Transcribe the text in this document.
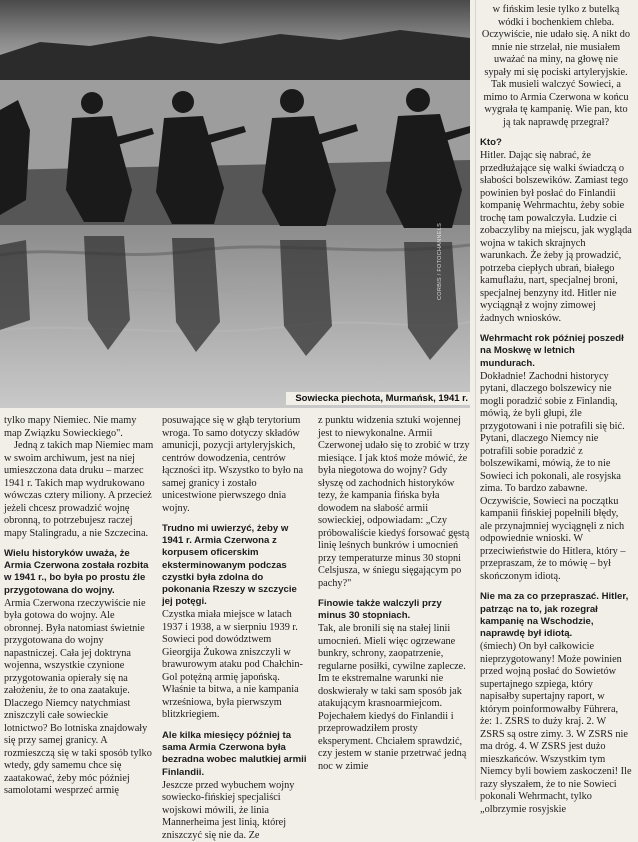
CORBIS / FOTOCHANNELS
Sowiecka piechota, Murmańsk, 1941 r.

tylko mapy Niemiec. Nie mamy map Związku Sowieckiego".

Jedną z takich map Niemiec mam w swoim archiwum, jest na niej umieszczona data druku – marzec 1941 r. Takich map wydrukowano wówczas cztery miliony. A przecież jeżeli chcesz prowadzić wojnę obronną, to potrzebujesz raczej mapy Stalingradu, a nie Szczecina.

Wielu historyków uważa, że Armia Czerwona została rozbita w 1941 r., bo była po prostu źle przygotowana do wojny.

Armia Czerwona rzeczywiście nie była gotowa do wojny. Ale obronnej. Była natomiast świetnie przygotowana do wojny napastniczej. Cała jej doktryna wojenna, wszystkie czynione przygotowania opierały się na założeniu, że to ona zaatakuje. Dlaczego Niemcy natychmiast zniszczyli całe sowieckie lotnictwo? Bo lotniska znajdowały się przy samej granicy. A rozmieszczą się w taki sposób tylko wtedy, gdy samemu chce się zaatakować, żeby móc później samolotami wesprzeć armię

posuwające się w głąb terytorium wroga. To samo dotyczy składów amunicji, pozycji artyleryjskich, centrów dowodzenia, centrów łączności itp. Wszystko to było na samej granicy i zostało unicestwione pierwszego dnia wojny.

Trudno mi uwierzyć, żeby w 1941 r. Armia Czerwona z korpusem oficerskim eksterminowanym podczas czystki była zdolna do pokonania Rzeszy w szczycie jej potęgi.

Czystka miała miejsce w latach 1937 i 1938, a w sierpniu 1939 r. Sowieci pod dowództwem Gieorgija Żukowa zniszczyli w brawurowym ataku pod Chałchin-Gol potężną armię japońską. Właśnie ta bitwa, a nie kampania wrześniowa, była pierwszym blitzkriegiem.

Ale kilka miesięcy później ta sama Armia Czerwona była bezradna wobec malutkiej armii Finlandii.

Jeszcze przed wybuchem wojny sowiecko-fińskiej specjaliści wojskowi mówili, że linia Mannerheima jest linią, której zniszczyć się nie da. Ze

z punktu widzenia sztuki wojennej jest to niewykonalne. Armii Czerwonej udało się to zrobić w trzy miesiące. I jak ktoś może mówić, że była niegotowa do wojny? Gdy słyszę od zachodnich historyków tezy, że kampania fińska była dowodem na słabość armii sowieckiej, odpowiadam: „Czy próbowaliście kiedyś forsować gęstą linię leśnych bunkrów i umocnień przy temperaturze minus 30 stopni Celsjusza, w śniegu sięgającym po pachy?"

Finowie także walczyli przy minus 30 stopniach.

Tak, ale bronili się na stałej linii umocnień. Mieli więc ogrzewane bunkry, schrony, zaopatrzenie, regularne posiłki, cywilne zaplecze. Im te ekstremalne warunki nie doskwierały w taki sam sposób jak atakującym krasnoarmiejcom. Pojechałem kiedyś do Finlandii i przeprowadziłem prosty eksperyment. Chciałem sprawdzić, czy jestem w stanie przetrwać jedną noc w zimie

w fińskim lesie tylko z butelką wódki i bochenkiem chleba. Oczywiście, nie udało się. A nikt do mnie nie strzelał, nie musiałem uważać na miny, na głowę nie sypały mi się pociski artyleryjskie. Tak musieli walczyć Sowieci, a mimo to Armia Czerwona w końcu wygrała tę kampanię. Wie pan, kto ją tak naprawdę przegrał?

Kto?

Hitler. Dając się nabrać, że przedłużające się walki świadczą o słabości bolszewików. Zamiast tego powinien był posłać do Finlandii kompanię Wehrmachtu, żeby sobie trochę tam powalczyła. Ludzie ci zobaczyliby na miejscu, jak wygląda wojna w takich skrajnych warunkach. Że żeby ją prowadzić, potrzeba ciepłych ubrań, białego kamuflażu, nart, specjalnej broni, specjalnej benzyny itd. Hitler nie wyciągnął z wojny zimowej żadnych wniosków.

Wehrmacht rok później poszedł na Moskwę w letnich mundurach.

Dokładnie! Zachodni historycy pytani, dlaczego bolszewicy nie mogli poradzić sobie z Finlandią, mówią, że byli głupi, źle przygotowani i nie potrafili się bić. Pytani, dlaczego Niemcy nie potrafili sobie poradzić z bolszewikami, mówią, że to nie Sowieci ich pokonali, ale rosyjska zima. To bardzo zabawne. Oczywiście, Sowieci na początku kampanii fińskiej popełnili błędy, ale przynajmniej wyciągnęli z nich odpowiednie wnioski. W przeciwieństwie do Hitlera, który – przepraszam, że to mówię – był skończonym idiotą.

Nie ma za co przepraszać. Hitler, patrząc na to, jak rozegrał kampanię na Wschodzie, naprawdę był idiotą.

(śmiech) On był całkowicie nieprzygotowany! Może powinien przed wojną posłać do Sowietów supertajnego szpiega, który napisałby supertajny raport, w którym poinformowałby Führera, że: 1. ZSRS to duży kraj. 2. W ZSRS są ostre zimy. 3. W ZSRS nie ma dróg. 4. W ZSRS jest dużo mieszkańców. Wszystkim tym Niemcy byli bowiem zaskoczeni! Ile razy słyszałem, że to nie Sowieci pokonali Wehrmacht, tylko „olbrzymie rosyjskie
